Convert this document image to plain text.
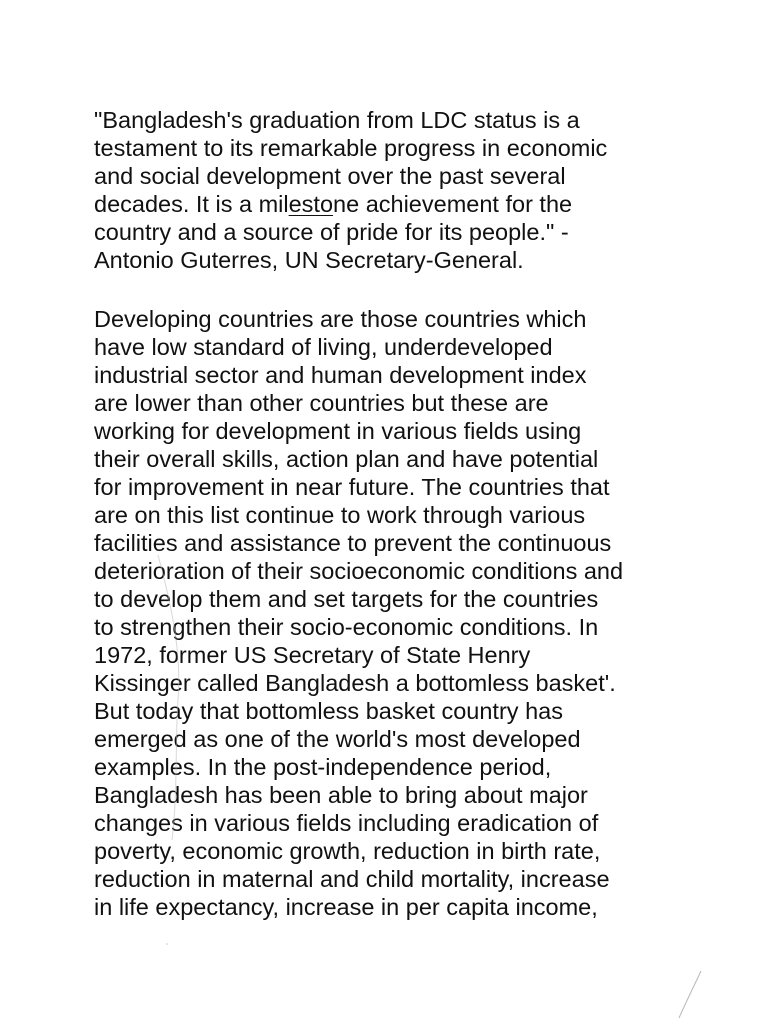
"Bangladesh's graduation from LDC status is a
testament to its remarkable progress in economic
and social development over the past several
decades. It is a milestone achievement for the
country and a source of pride for its people." -
Antonio Guterres, UN Secretary-General.
Developing countries are those countries which
have low standard of living, underdeveloped
industrial sector and human development index
are lower than other countries but these are
working for development in various fields using
their overall skills, action plan and have potential
for improvement in near future. The countries that
are on this list continue to work through various
facilities and assistance to prevent the continuous
deterioration of their socioeconomic conditions and
to develop them and set targets for the countries
to strengthen their socio-economic conditions. In
1972, former US Secretary of State Henry
Kissinger called Bangladesh a bottomless basket'.
But today that bottomless basket country has
emerged as one of the world's most developed
examples. In the post-independence period,
Bangladesh has been able to bring about major
changes in various fields including eradication of
poverty, economic growth, reduction in birth rate,
reduction in maternal and child mortality, increase
in life expectancy, increase in per capita income,
